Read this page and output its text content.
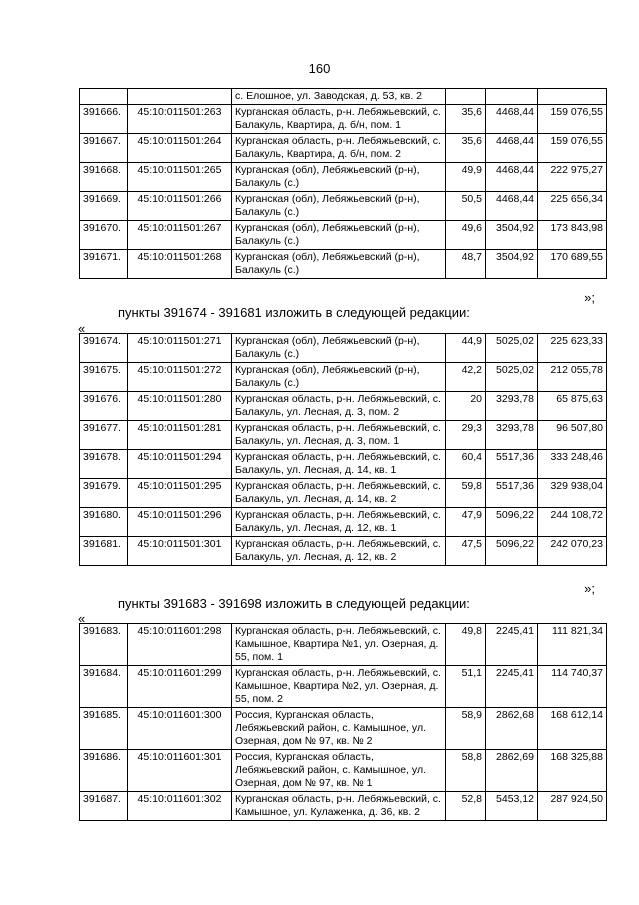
160
		с. Елошное, ул. Заводская, д. 53, кв. 2			
391666.	45:10:011501:263	Курганская область, р-н. Лебяжьевский, с. Балакуль, Квартира, д. б/н, пом. 1	35,6	4468,44	159 076,55
391667.	45:10:011501:264	Курганская область, р-н. Лебяжьевский, с. Балакуль, Квартира, д. б/н, пом. 2	35,6	4468,44	159 076,55
391668.	45:10:011501:265	Курганская (обл), Лебяжьевский (р-н), Балакуль (с.)	49,9	4468,44	222 975,27
391669.	45:10:011501:266	Курганская (обл), Лебяжьевский (р-н), Балакуль (с.)	50,5	4468,44	225 656,34
391670.	45:10:011501:267	Курганская (обл), Лебяжьевский (р-н), Балакуль (с.)	49,6	3504,92	173 843,98
391671.	45:10:011501:268	Курганская (обл), Лебяжьевский (р-н), Балакуль (с.)	48,7	3504,92	170 689,55
»;
пункты 391674 - 391681 изложить в следующей редакции:
«
391674.	45:10:011501:271	Курганская (обл), Лебяжьевский (р-н), Балакуль (с.)	44,9	5025,02	225 623,33
391675.	45:10:011501:272	Курганская (обл), Лебяжьевский (р-н), Балакуль (с.)	42,2	5025,02	212 055,78
391676.	45:10:011501:280	Курганская область, р-н. Лебяжьевский, с. Балакуль, ул. Лесная, д. 3, пом. 2	20	3293,78	65 875,63
391677.	45:10:011501:281	Курганская область, р-н. Лебяжьевский, с. Балакуль, ул. Лесная, д. 3, пом. 1	29,3	3293,78	96 507,80
391678.	45:10:011501:294	Курганская область, р-н. Лебяжьевский, с. Балакуль, ул. Лесная, д. 14, кв. 1	60,4	5517,36	333 248,46
391679.	45:10:011501:295	Курганская область, р-н. Лебяжьевский, с. Балакуль, ул. Лесная, д. 14, кв. 2	59,8	5517,36	329 938,04
391680.	45:10:011501:296	Курганская область, р-н. Лебяжьевский, с. Балакуль, ул. Лесная, д. 12, кв. 1	47,9	5096,22	244 108,72
391681.	45:10:011501:301	Курганская область, р-н. Лебяжьевский, с. Балакуль, ул. Лесная, д. 12, кв. 2	47,5	5096,22	242 070,23
»;
пункты 391683 - 391698 изложить в следующей редакции:
«
391683.	45:10:011601:298	Курганская область, р-н. Лебяжьевский, с. Камышное, Квартира №1, ул. Озерная, д. 55, пом. 1	49,8	2245,41	111 821,34
391684.	45:10:011601:299	Курганская область, р-н. Лебяжьевский, с. Камышное, Квартира №2, ул. Озерная, д. 55, пом. 2	51,1	2245,41	114 740,37
391685.	45:10:011601:300	Россия, Курганская область, Лебяжьевский район, с. Камышное, ул. Озерная, дом № 97, кв. № 2	58,9	2862,68	168 612,14
391686.	45:10:011601:301	Россия, Курганская область, Лебяжьевский район, с. Камышное, ул. Озерная, дом № 97, кв. № 1	58,8	2862,69	168 325,88
391687.	45:10:011601:302	Курганская область, р-н. Лебяжьевский, с. Камышное, ул. Кулаженка, д. 36, кв. 2	52,8	5453,12	287 924,50
